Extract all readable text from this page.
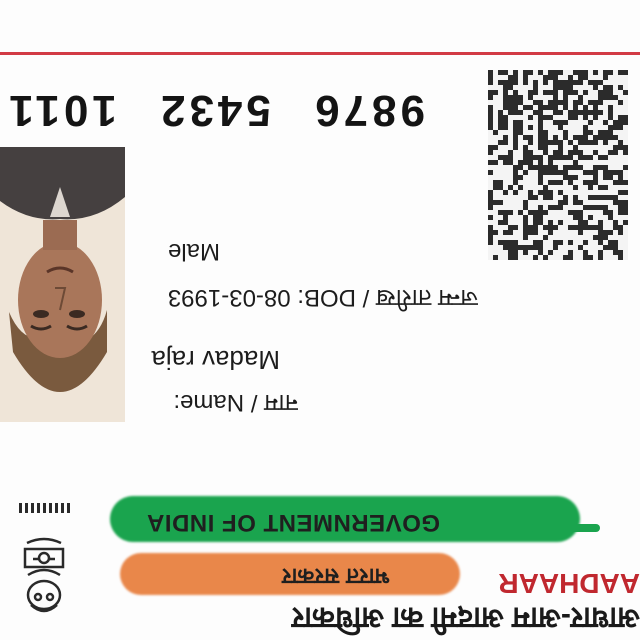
भारत सरकार
GOVERNMENT OF INDIA
नाम / Name:
Madav raja
जन्म तारीख / DOB: 08-03-1993
Male
9876 5432 1011
आधार-आम आदमी का अधिकार
AADHAAR
